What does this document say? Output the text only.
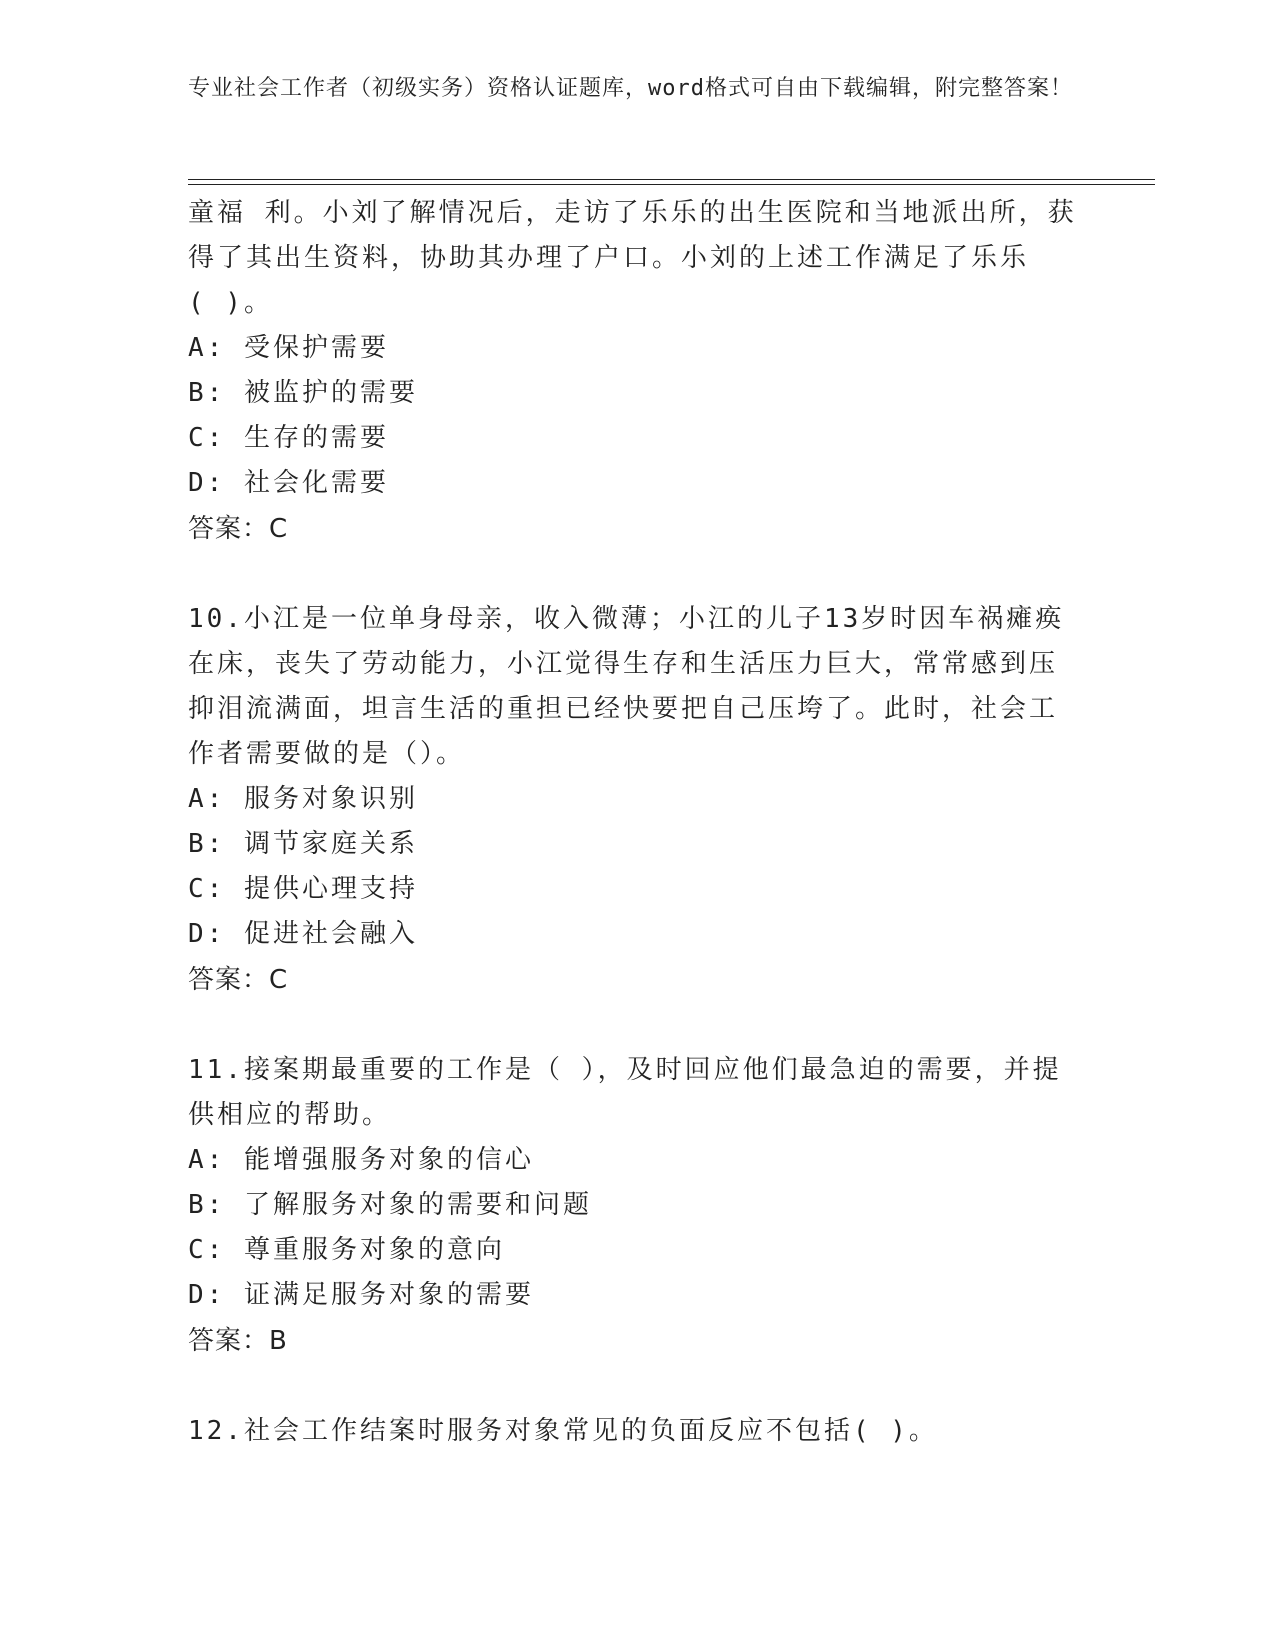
专业社会工作者（初级实务）资格认证题库，word格式可自由下载编辑，附完整答案！

童福 利。小刘了解情况后，走访了乐乐的出生医院和当地派出所，获

得了其出生资料，协助其办理了户口。小刘的上述工作满足了乐乐

( )。

A: 受保护需要

B: 被监护的需要

C: 生存的需要

D: 社会化需要

答案：C

10.小江是一位单身母亲，收入微薄；小江的儿子13岁时因车祸瘫痪

在床，丧失了劳动能力，小江觉得生存和生活压力巨大，常常感到压

抑泪流满面，坦言生活的重担已经快要把自己压垮了。此时，社会工

作者需要做的是（）。

A: 服务对象识别

B: 调节家庭关系

C: 提供心理支持

D: 促进社会融入

答案：C

11.接案期最重要的工作是（ ），及时回应他们最急迫的需要，并提

供相应的帮助。

A: 能增强服务对象的信心

B: 了解服务对象的需要和问题

C: 尊重服务对象的意向

D: 证满足服务对象的需要

答案：B

12.社会工作结案时服务对象常见的负面反应不包括( )。
